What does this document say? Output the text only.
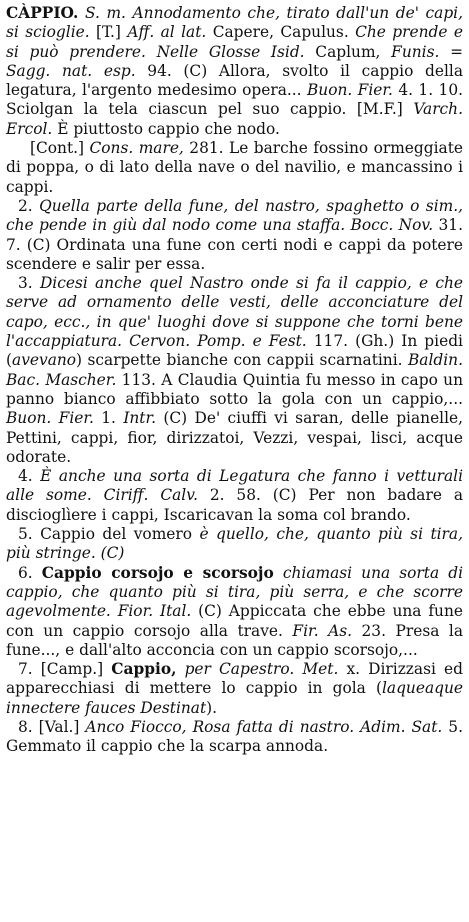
CÀPPIO. S. m. Annodamento che, tirato dall'un de' capi, si scioglie. [T.] Aff. al lat. Capere, Capulus. Che prende e si può prendere. Nelle Glosse Isid. Caplum, Funis. = Sagg. nat. esp. 94. (C) Allora, svolto il cappio della legatura, l'argento medesimo opera... Buon. Fier. 4. 1. 10. Sciolgan la tela ciascun pel suo cappio. [M.F.] Varch. Ercol. È piuttosto cappio che nodo.

[Cont.] Cons. mare, 281. Le barche fossino ormeggiate di poppa, o di lato della nave o del navilio, e mancassino i cappi.

2. Quella parte della fune, del nastro, spaghetto o sim., che pende in giù dal nodo come una staffa. Bocc. Nov. 31. 7. (C) Ordinata una fune con certi nodi e cappi da potere scendere e salir per essa.

3. Dicesi anche quel Nastro onde si fa il cappio, e che serve ad ornamento delle vesti, delle acconciature del capo, ecc., in que' luoghi dove si suppone che torni bene l'accappiatura. Cervon. Pomp. e Fest. 117. (Gh.) In piedi (avevano) scarpette bianche con cappii scarnatini. Baldin. Bac. Mascher. 113. A Claudia Quintia fu messo in capo un panno bianco affibbiato sotto la gola con un cappio,... Buon. Fier. 1. Intr. (C) De' ciuffi vi saran, delle pianelle, Pettini, cappi, fior, dirizzatoi, Vezzi, vespai, lisci, acque odorate.

4. È anche una sorta di Legatura che fanno i vetturali alle some. Ciriff. Calv. 2. 58. (C) Per non badare a discioglìere i cappi, Iscaricavan la soma col brando.

5. Cappio del vomero è quello, che, quanto più si tira, più stringe. (C)

6. Cappio corsojo e scorsojo chiamasi una sorta di cappio, che quanto più si tira, più serra, e che scorre agevolmente. Fior. Ital. (C) Appiccata che ebbe una fune con un cappio corsojo alla trave. Fir. As. 23. Presa la fune..., e dall'alto acconcia con un cappio scorsojo,...

7. [Camp.] Cappio, per Capestro. Met. x. Dirizzasi ed apparecchiasi di mettere lo cappio in gola (laqueaque innectere fauces Destinat).

8. [Val.] Anco Fiocco, Rosa fatta di nastro. Adim. Sat. 5. Gemmato il cappio che la scarpa annoda.
